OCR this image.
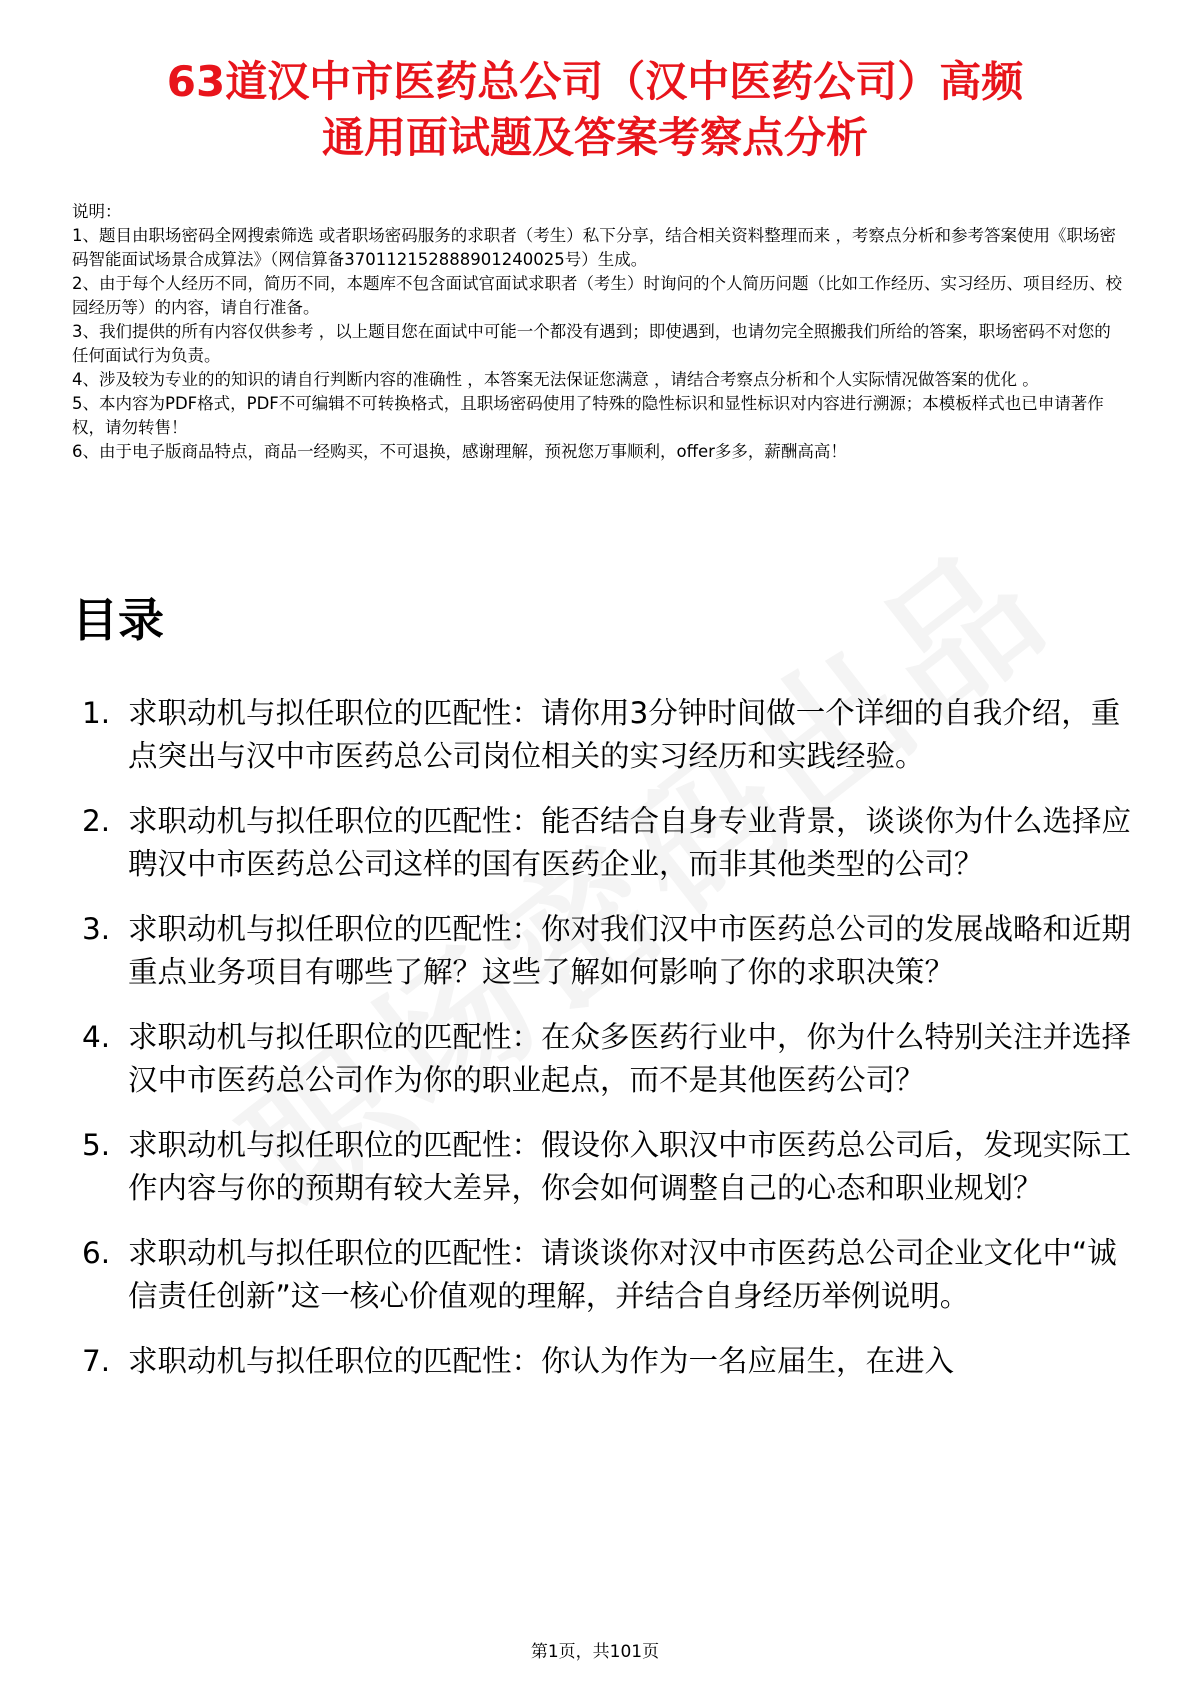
63道汉中市医药总公司（汉中医药公司）高频
通用面试题及答案考察点分析

说明：

1、题目由职场密码全网搜索筛选 或者职场密码服务的求职者（考生）私下分享，结合相关资料整理而来 ，考察点分析和参考答案使用《职场密码智能面试场景合成算法》（网信算备370112152888901240025号）生成。

2、由于每个人经历不同，简历不同，本题库不包含面试官面试求职者（考生）时询问的个人简历问题（比如工作经历、实习经历、项目经历、校园经历等）的内容，请自行准备。

3、我们提供的所有内容仅供参考 ，以上题目您在面试中可能一个都没有遇到；即使遇到，也请勿完全照搬我们所给的答案，职场密码不对您的任何面试行为负责。

4、涉及较为专业的的知识的请自行判断内容的准确性 ，本答案无法保证您满意 ，请结合考察点分析和个人实际情况做答案的优化 。

5、本内容为PDF格式，PDF不可编辑不可转换格式，且职场密码使用了特殊的隐性标识和显性标识对内容进行溯源；本模板样式也已申请著作权，请勿转售！

6、由于电子版商品特点，商品一经购买，不可退换，感谢理解，预祝您万事顺利，offer多多，薪酬高高！

目录
1. 求职动机与拟任职位的匹配性：请你用3分钟时间做一个详细的自我介绍，重点突出与汉中市医药总公司岗位相关的实习经历和实践经验。
2. 求职动机与拟任职位的匹配性：能否结合自身专业背景，谈谈你为什么选择应聘汉中市医药总公司这样的国有医药企业，而非其他类型的公司？
3. 求职动机与拟任职位的匹配性：你对我们汉中市医药总公司的发展战略和近期重点业务项目有哪些了解？这些了解如何影响了你的求职决策？
4. 求职动机与拟任职位的匹配性：在众多医药行业中，你为什么特别关注并选择汉中市医药总公司作为你的职业起点，而不是其他医药公司？
5. 求职动机与拟任职位的匹配性：假设你入职汉中市医药总公司后，发现实际工作内容与你的预期有较大差异，你会如何调整自己的心态和职业规划？
6. 求职动机与拟任职位的匹配性：请谈谈你对汉中市医药总公司企业文化中“诚信责任创新”这一核心价值观的理解，并结合自身经历举例说明。
7. 求职动机与拟任职位的匹配性：你认为作为一名应届生，在进入
第1页，共101页
